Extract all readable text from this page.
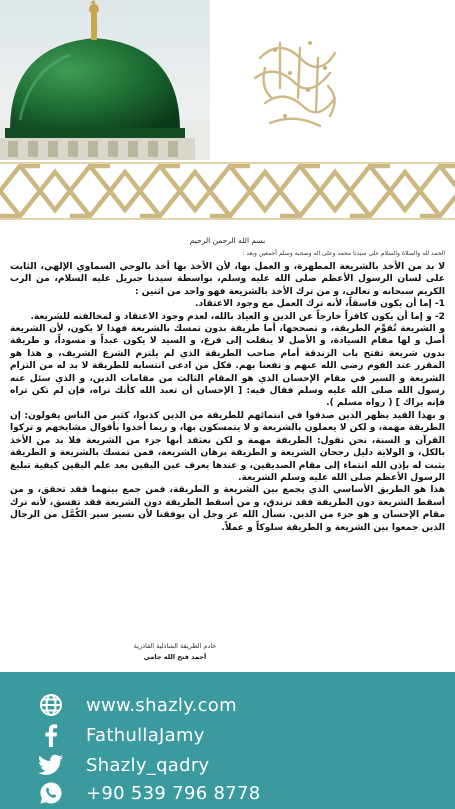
بسم الله الرحمن الرحيم
الحمد لله والصلاة والسلام على سيدنا محمد وعلى اله وصحبه وسلم أجمعين وبعد :

لا بد من الأخذ بالشريعة المطهرة، و العمل بها، لأن الأخذ بها أخذ بالوحي السماوي الإلهي، الثابت على لسان الرسول الأعظم صلى الله عليه وسلم، بواسطة سيدنا جبريل عليه السلام، من الرب الكريم سبحانه و تعالى، و من ترك الأخذ بالشريعة فهو واحد من اثنين :

1- إما أن يكون فاسقاً، لأنه ترك العمل مع وجود الاعتقاد.

2- و إما أن يكون كافراً خارجاً عن الدين و العياذ بالله، لعدم وجود الاعتقاد و لمخالفته للشريعة.

و الشريعة تُقوِّم الطريقة، و تصححها، أما طريقة بدون تمسك بالشريعة فهذا لا يكون، لأن الشريعة أصل و لها مقام السيادة، و الأصل لا ينقلب إلى فرع، و السيد لا يكون عبداً و مسوداً، و طريقة بدون شريعة تفتح باب الزندقة أمام صاحب الطريقة الذي لم يلتزم الشرع الشريف، و هذا هو المقرر عند القوم رضي الله عنهم و نفعنا بهم. فكل من ادعى انتسابه للطريقة لا بد له من التزام الشريعة و السير في مقام الإحسان الذي هو المقام الثالث من مقامات الدين، و الذي سئل عنه رسول الله صلى الله عليه وسلم فقال فيه: [ الإحسان أن تعبد الله كأنك تراه، فإن لم تكن تراه فإنه يراك ] ( رواه مسلم ).

و بهذا القيد يظهر الذين صدقوا في انتمائهم للطريقة من الذين كذبوا، كثير من الناس يقولون: إن الطريقة مهمة، و لكن لا يعملون بالشريعة و لا يتمسكون بها، و ربما أخذوا بأقوال مشايخهم و تركوا القرآن و السنة، نحن نقول: الطريقة مهمة و لكن نعتقد أنها جزء من الشريعة فلا بد من الأخذ بالكل، و الولاية دليل رجحان الشريعة و الطريقة برهان الشريعة، فمن تمسك بالشريعة و الطريقة يثبت له بإذن الله انتماء إلى مقام الصديقين، و عندها يعرف عين اليقين بعد علم اليقين كيفية تبليغ الرسول الأعظم صلى الله عليه وسلم الشريعة.

هذا هو الطريق الأساسي الذي يجمع بين الشريعة و الطريقة، فمن جمع بينهما فقد تحقق، و من أسقط الشريعة دون الطريقة فقد تزندق، و من أسقط الطريقة دون الشريعة فقد تفسق، لأنه ترك مقام الإحسان و هو جزء من الدين. نسأل الله عز وجل أن يوفقنا لأن نسير سير الكُمَّل من الرجال الذين جمعوا بين الشريعة و الطريقة سلوكاً و عملاً.

خادم الطريقة الشاذلية القادرية
أحمد فتح الله جامي
www.shazly.com
FathullaJamy
Shazly_qadry
+90 539 796 8778
